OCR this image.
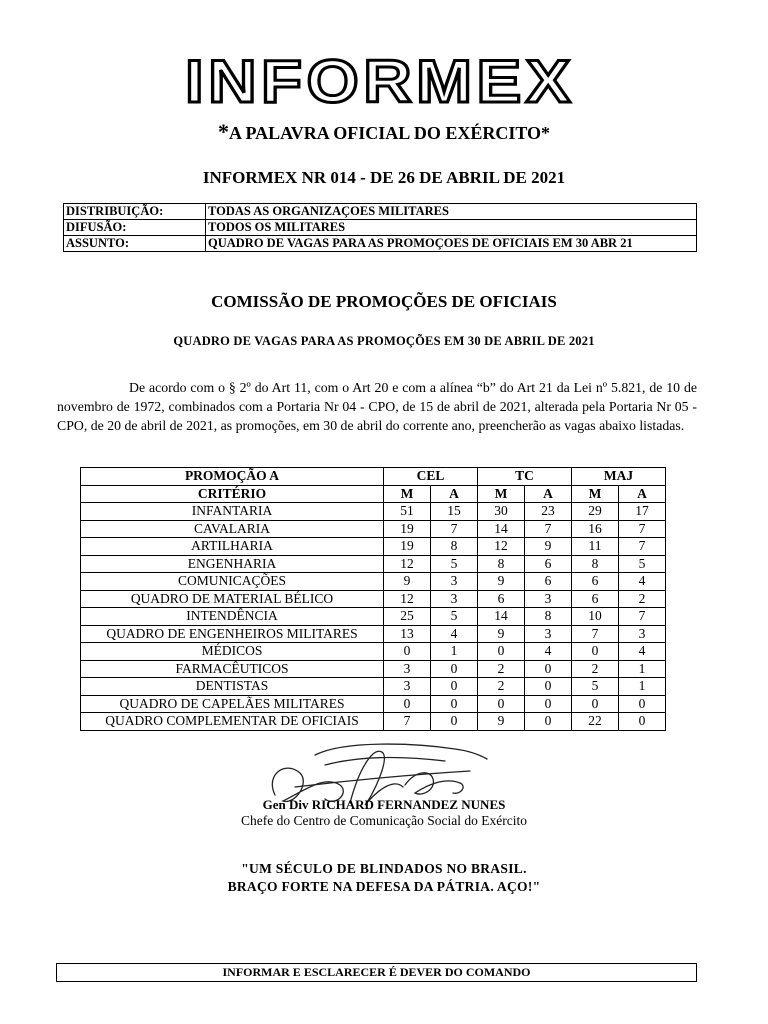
INFORMEX
*A PALAVRA OFICIAL DO EXÉRCITO*
INFORMEX NR 014 - DE 26 DE ABRIL DE 2021
DISTRIBUIÇÃO:	TODAS AS ORGANIZAÇOES MILITARES
DIFUSÃO:	TODOS OS MILITARES
ASSUNTO:	QUADRO DE VAGAS PARA AS PROMOÇOES DE OFICIAIS EM 30 ABR 21
COMISSÃO DE PROMOÇÕES DE OFICIAIS
QUADRO DE VAGAS PARA AS PROMOÇÕES EM 30 DE ABRIL DE 2021

De acordo com o § 2º do Art 11, com o Art 20 e com a alínea “b” do Art 21 da Lei nº 5.821, de 10 de novembro de 1972, combinados com a Portaria Nr 04 - CPO, de 15 de abril de 2021, alterada pela Portaria Nr 05 - CPO, de 20 de abril de 2021, as promoções, em 30 de abril do corrente ano, preencherão as vagas abaixo listadas.

PROMOÇÃO A	CEL		TC		MAJ	
CRITÉRIO	M	A	M	A	M	A
INFANTARIA	51	15	30	23	29	17
CAVALARIA	19	7	14	7	16	7
ARTILHARIA	19	8	12	9	11	7
ENGENHARIA	12	5	8	6	8	5
COMUNICAÇÕES	9	3	9	6	6	4
QUADRO DE MATERIAL BÉLICO	12	3	6	3	6	2
INTENDÊNCIA	25	5	14	8	10	7
QUADRO DE ENGENHEIROS MILITARES	13	4	9	3	7	3
MÉDICOS	0	1	0	4	0	4
FARMACÊUTICOS	3	0	2	0	2	1
DENTISTAS	3	0	2	0	5	1
QUADRO DE CAPELÃES MILITARES	0	0	0	0	0	0
QUADRO COMPLEMENTAR DE OFICIAIS	7	0	9	0	22	0
Gen Div RICHARD FERNANDEZ NUNES
Chefe do Centro de Comunicação Social do Exército
"UM SÉCULO DE BLINDADOS NO BRASIL.
BRAÇO FORTE NA DEFESA DA PÁTRIA. AÇO!"
INFORMAR E ESCLARECER É DEVER DO COMANDO
